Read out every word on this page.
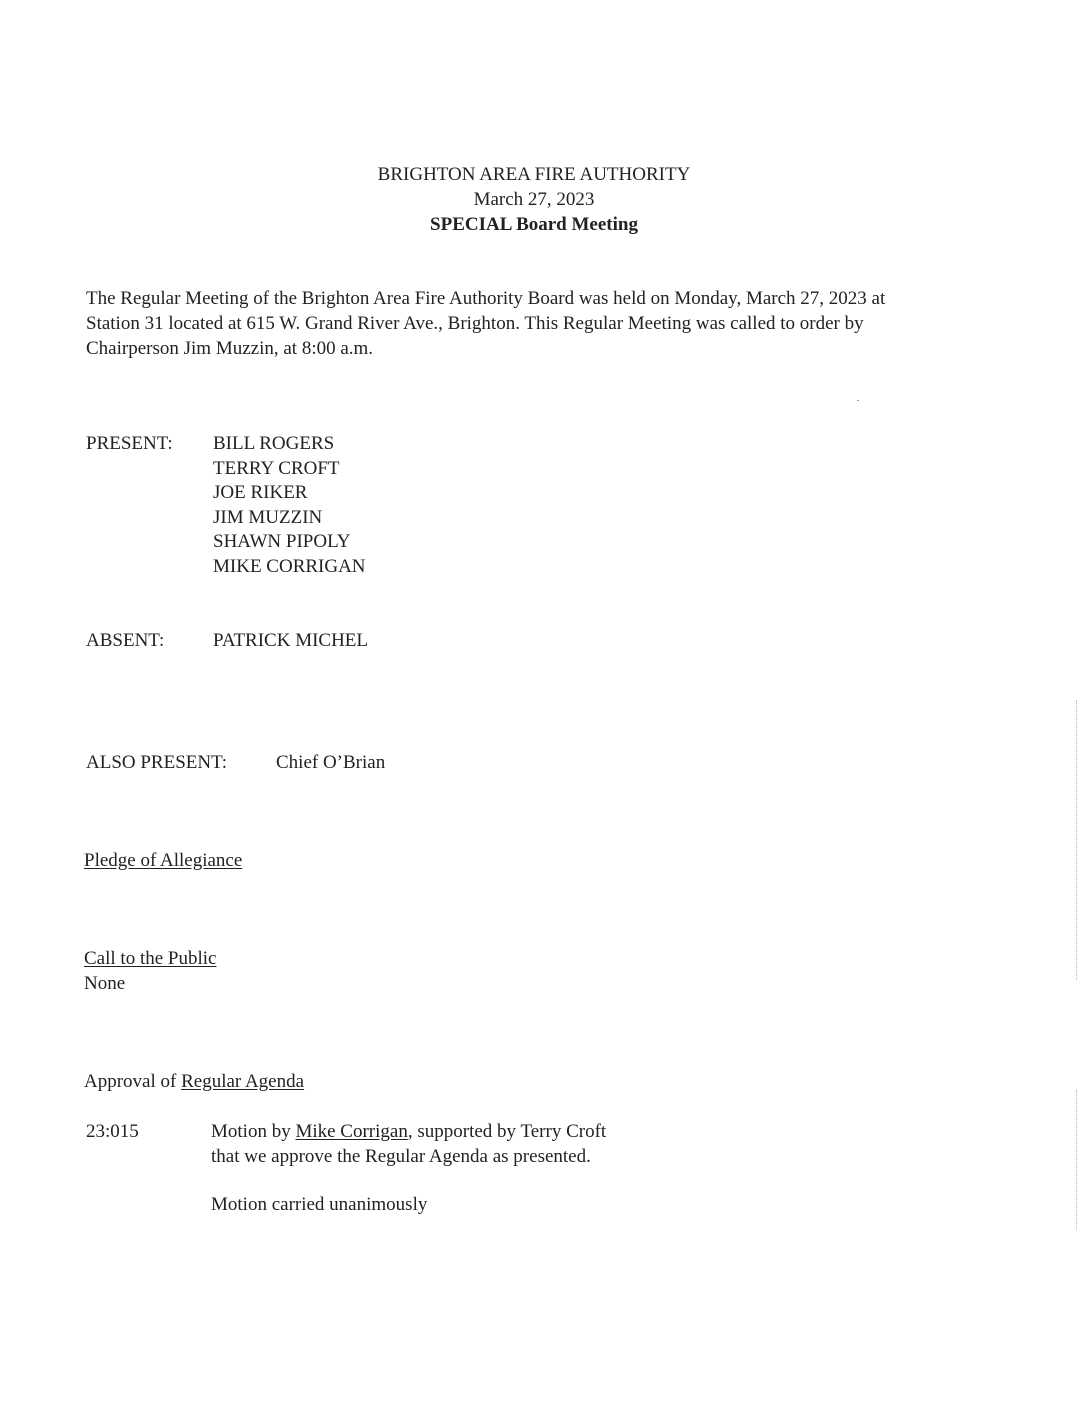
BRIGHTON AREA FIRE AUTHORITY
March 27, 2023
SPECIAL Board Meeting
The Regular Meeting of the Brighton Area Fire Authority Board was held on Monday, March 27, 2023 at
Station 31 located at 615 W. Grand River Ave., Brighton. This Regular Meeting was called to order by
Chairperson Jim Muzzin, at 8:00 a.m.
PRESENT: BILL ROGERS
TERRY CROFT
JOE RIKER
JIM MUZZIN
SHAWN PIPOLY
MIKE CORRIGAN
ABSENT:	PATRICK MICHEL
ALSO PRESENT:	Chief O’Brian
Pledge of Allegiance
Call to the Public
None
Approval of Regular Agenda
23:015	Motion by Mike Corrigan, supported by Terry Croft
that we approve the Regular Agenda as presented.
Motion carried unanimously
